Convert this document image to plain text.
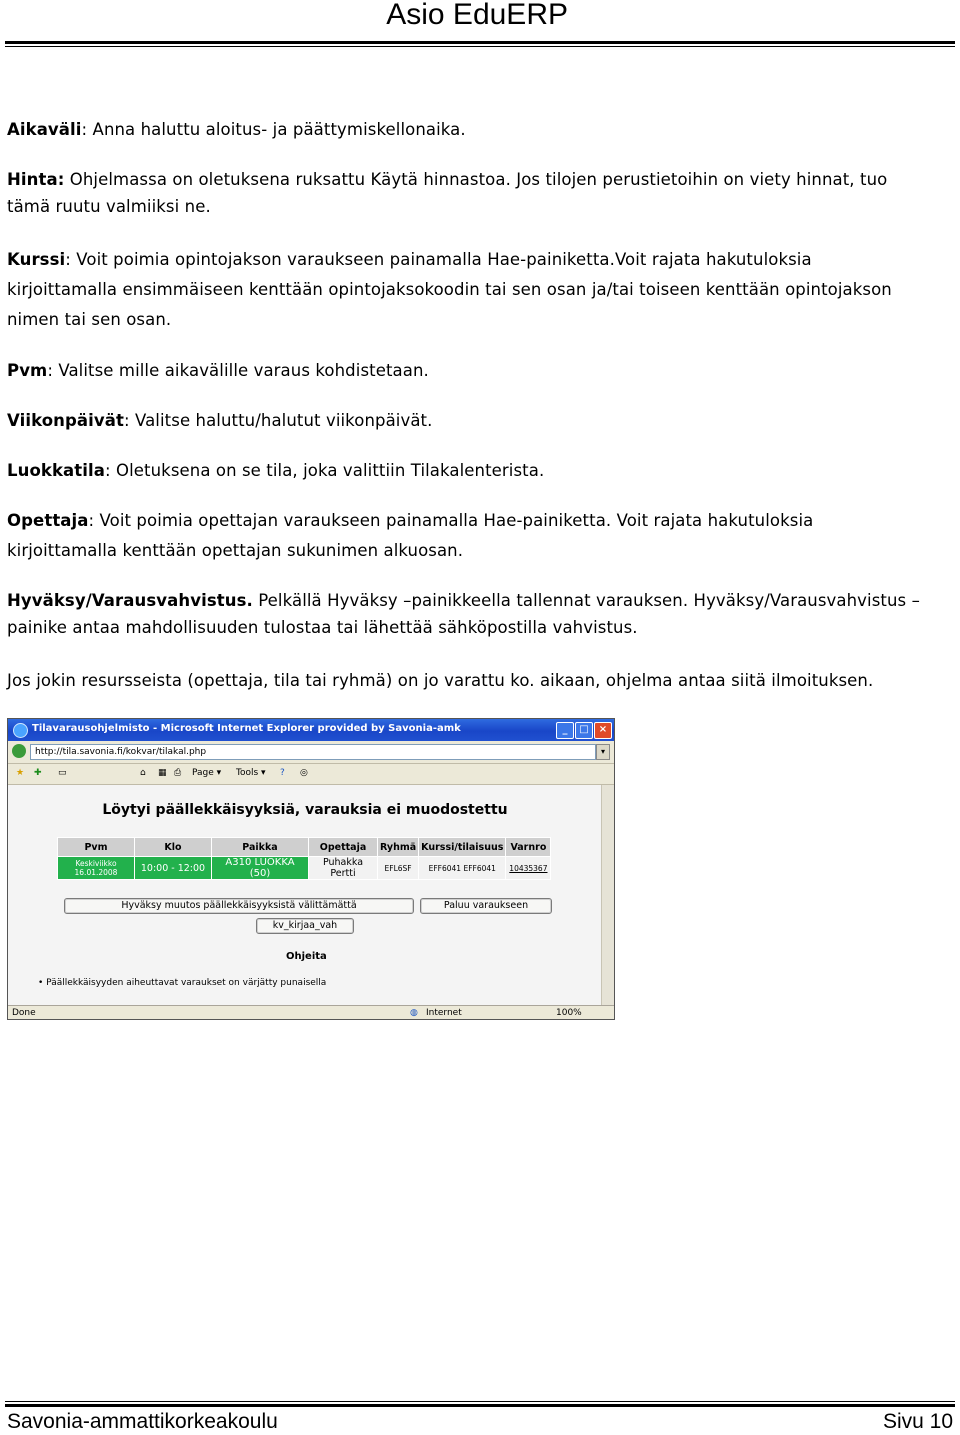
Asio EduERP
Aikaväli: Anna haluttu aloitus- ja päättymiskellonaika.
Hinta: Ohjelmassa on oletuksena ruksattu Käytä hinnastoa. Jos tilojen perustietoihin on viety hinnat, tuo
tämä ruutu valmiiksi ne.
Kurssi: Voit poimia opintojakson varaukseen painamalla Hae-painiketta.Voit rajata hakutuloksia
kirjoittamalla ensimmäiseen kenttään opintojaksokoodin tai sen osan ja/tai toiseen kenttään opintojakson
nimen tai sen osan.
Pvm: Valitse mille aikavälille varaus kohdistetaan.
Viikonpäivät: Valitse haluttu/halutut viikonpäivät.
Luokkatila: Oletuksena on se tila, joka valittiin Tilakalenterista.
Opettaja: Voit poimia opettajan varaukseen painamalla Hae-painiketta. Voit rajata hakutuloksia
kirjoittamalla kenttään opettajan sukunimen alkuosan.
Hyväksy/Varausvahvistus. Pelkällä Hyväksy –painikkeella tallennat varauksen. Hyväksy/Varausvahvistus –
painike antaa mahdollisuuden tulostaa tai lähettää sähköpostilla vahvistus.
Jos jokin resursseista (opettaja, tila tai ryhmä) on jo varattu ko. aikaan, ohjelma antaa siitä ilmoituksen.
Tilavarausohjelmisto - Microsoft Internet Explorer provided by Savonia-amk	_	□	×
http://tila.savonia.fi/kokvar/tilakal.php	▾
★ ✚ ▭	⌂ ▦ ⎙ Page ▾ Tools ▾ ? ◎
Löytyi päällekkäisyyksiä, varauksia ei muodostettu
Pvm	Klo	Paikka	Opettaja	Ryhmä	Kurssi/tilaisuus	Varnro
Keskiviikko 16.01.2008	10:00 - 12:00	A310 LUOKKA (50)	Puhakka Pertti	EFL6SF	EFF6041 EFF6041	10435367
Hyväksy muutos päällekkäisyyksistä välittämättä	Paluu varaukseen
kv_kirjaa_vah
Ohjeita
• Päällekkäisyyden aiheuttavat varaukset on värjätty punaisella
Done	◍ Internet	100%
Savonia-ammattikorkeakoulu	Sivu 10
